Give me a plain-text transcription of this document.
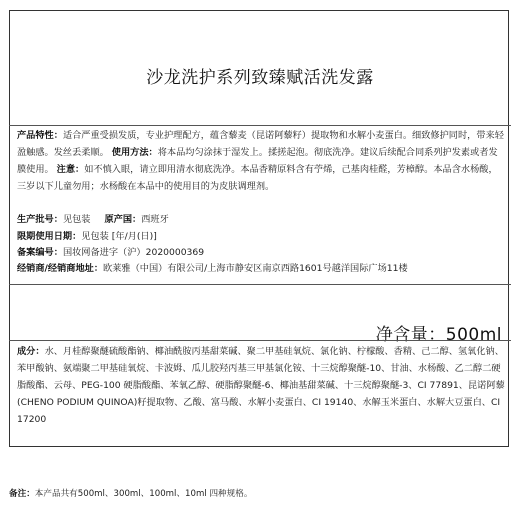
沙龙洗护系列致臻赋活洗发露
产品特性：适合严重受损发质，专业护理配方，蕴含藜麦（昆诺阿藜籽）提取物和水解小麦蛋白。细致修护同时，带来轻盈触感。发丝丢柔顺。 使用方法：将本品均匀涂抹于湿发上。揉搓起泡。彻底洗净。建议后续配合同系列护发素或者发膜使用。 注意：如不慎入眼，请立即用清水彻底洗净。本品香精原料含有苧烯，己基肉桂醛，芳樟醇。本品含水杨酸，三岁以下儿童勿用；水杨酸在本品中的使用目的为皮肤调理剂。
生产批号：见包装 原产国：西班牙
限期使用日期：见包装 [年/月(日)]
备案编号：国妆网备进字（沪）2020000369
经销商/经销商地址：欧莱雅（中国）有限公司/上海市静安区南京西路1601号越洋国际广场11楼
净含量：500ml
成分：水、月桂醇聚醚硫酸酯钠、椰油酰胺丙基甜菜碱、聚二甲基硅氧烷、氯化钠、柠檬酸、香精、己二醇、氢氧化钠、苯甲酸钠、氨端聚二甲基硅氧烷、卡波姆、瓜儿胶羟丙基三甲基氯化铵、十三烷醇聚醚-10、甘油、水杨酸、乙二醇二硬脂酸酯、云母、PEG-100 硬脂酸酯、苯氧乙醇、硬脂醇聚醚-6、椰油基甜菜碱、十三烷醇聚醚-3、CI 77891、昆诺阿藜(CHENO PODIUM QUINOA)籽提取物、乙酸、富马酸、水解小麦蛋白、CI 19140、水解玉米蛋白、水解大豆蛋白、CI 17200
备注：本产品共有500ml、300ml、100ml、10ml 四种规格。
